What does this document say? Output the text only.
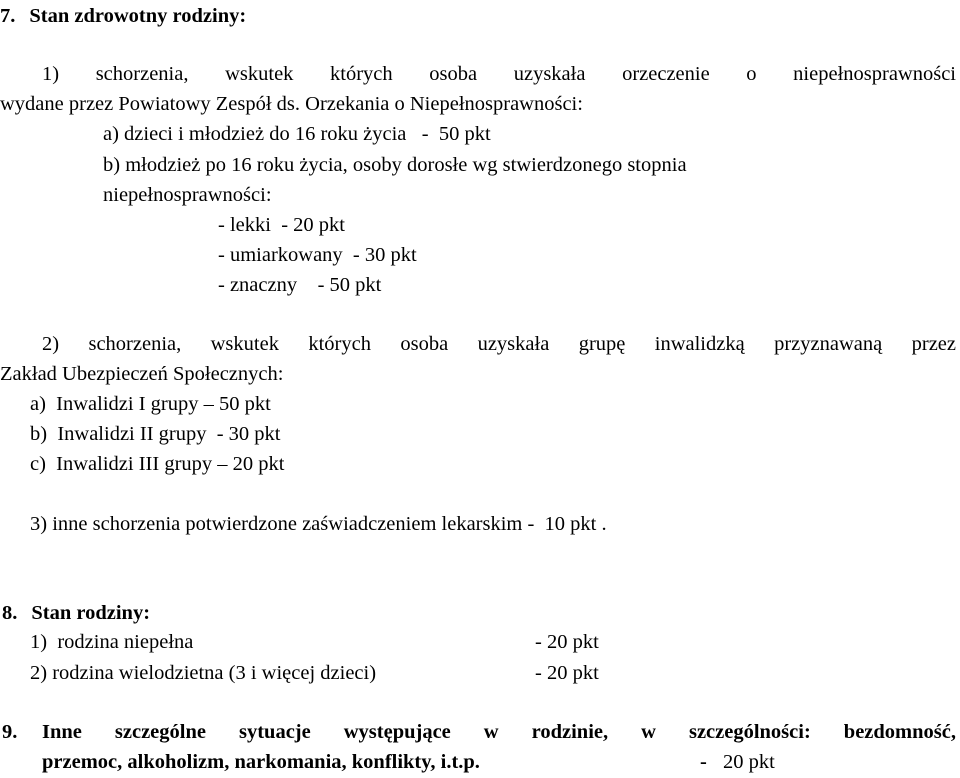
7. Stan zdrowotny rodziny:
1) schorzenia, wskutek których osoba uzyskała orzeczenie o niepełnosprawności
wydane przez Powiatowy Zespół ds. Orzekania o Niepełnosprawności:
a) dzieci i młodzież do 16 roku życia   -  50 pkt
b) młodzież po 16 roku życia, osoby dorosłe wg stwierdzonego stopnia
niepełnosprawności:
- lekki  - 20 pkt
- umiarkowany  - 30 pkt
- znaczny    - 50 pkt
2) schorzenia, wskutek których osoba uzyskała grupę inwalidzką przyznawaną przez
Zakład Ubezpieczeń Społecznych:
a)  Inwalidzi I grupy – 50 pkt
b)  Inwalidzi II grupy  - 30 pkt
c)  Inwalidzi III grupy – 20 pkt
3) inne schorzenia potwierdzone zaświadczeniem lekarskim -  10 pkt .
8. Stan rodziny:
1)  rodzina niepełna	- 20 pkt
2) rodzina wielodzietna (3 i więcej dzieci)	- 20 pkt
9. Inne szczególne sytuacje występujące w rodzinie, w szczególności: bezdomność,
przemoc, alkoholizm, narkomania, konflikty, i.t.p.	- 20 pkt
